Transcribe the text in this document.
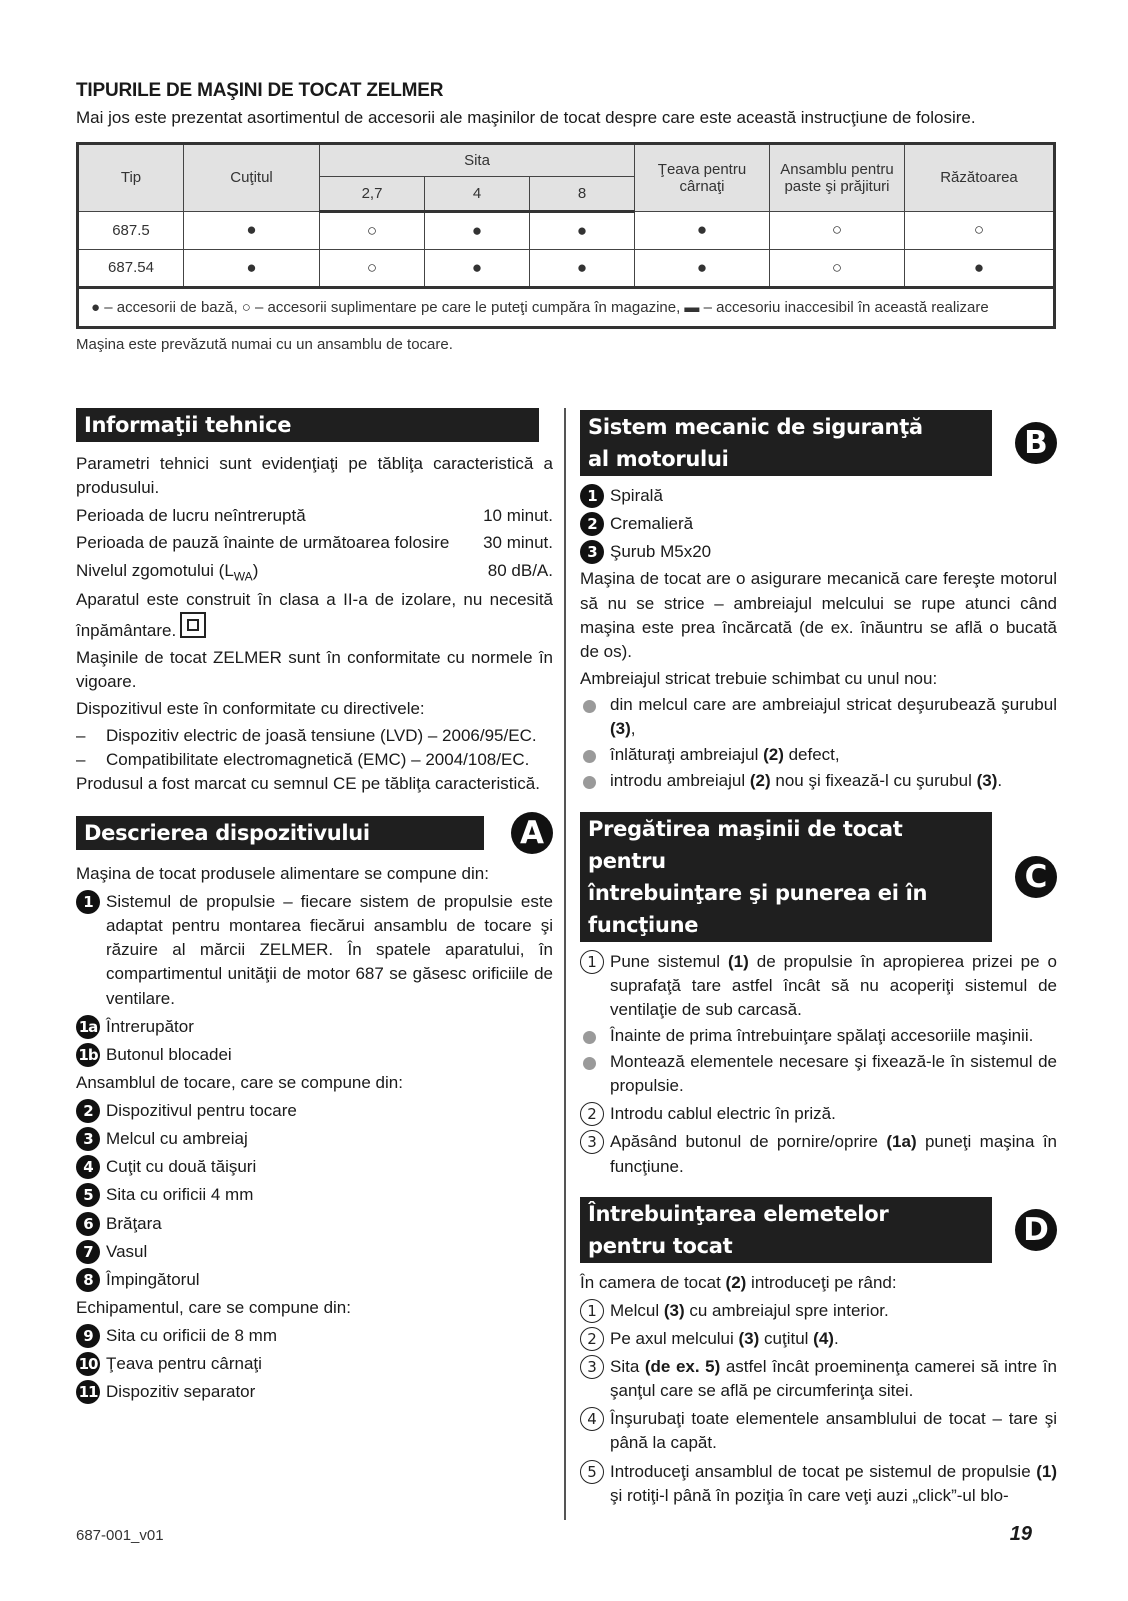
TIPURILE DE MAŞINI DE TOCAT ZELMER
Mai jos este prezentat asortimentul de accesorii ale maşinilor de tocat despre care este această instrucţiune de folosire.
Tip	Cuţitul	Sita			Ţeava pentru cârnaţi	Ansamblu pentru paste şi prăjituri	Răzătoarea
		2,7	4	8			
687.5	●	○	●	●	●	○	○
687.54	●	○	●	●	●	○	●
● – accesorii de bază, ○ – accesorii suplimentare pe care le puteţi cumpăra în magazine, ▬ – accesoriu inaccesibil în această realizare							
Maşina este prevăzută numai cu un ansamblu de tocare.
Informaţii tehnice

Parametri tehnici sunt evidenţiaţi pe tăbliţa caracteristică a produsului.

Perioada de lucru neîntreruptă	10 minut.
Perioada de pauză înainte de următoarea folosire 30 minut.
Nivelul zgomotului $(L_{WA})$	80 dB/A.

Aparatul este construit în clasa a II-a de izolare, nu necesită înpământare.

Maşinile de tocat ZELMER sunt în conformitate cu normele în vigoare.

Dispozitivul este în conformitate cu directivele:

– Dispozitiv electric de joasă tensiune (LVD) – 2006/95/EC.

– Compatibilitate electromagnetică (EMC) – 2004/108/EC.

Produsul a fost marcat cu semnul CE pe tăbliţa caracteristică.

Descrierea dispozitivului	A

Maşina de tocat produsele alimentare se compune din:

1 Sistemul de propulsie – fiecare sistem de propulsie este adaptat pentru montarea fiecărui ansamblu de tocare şi răzuire al mărcii ZELMER. În spatele aparatului, în compartimentul unităţii de motor 687 se găsesc orificiile de ventilare.
1a Întrerupător
1b Butonul blocadei

Ansamblul de tocare, care se compune din:

2 Dispozitivul pentru tocare
3 Melcul cu ambreiaj
4 Cuţit cu două tăişuri
5 Sita cu orificii 4 mm
6 Brăţara
7 Vasul
8 Împingătorul

Echipamentul, care se compune din:

9 Sita cu orificii de 8 mm
10 Ţeava pentru cârnaţi
11 Dispozitiv separator
Sistem mecanic de siguranţă
al motorului	B
1 Spirală
2 Cremalieră
3 Şurub M5x20

Maşina de tocat are o asigurare mecanică care fereşte motorul să nu se strice – ambreiajul melcului se rupe atunci când maşina este prea încărcată (de ex. înăuntru se află o bucată de os).

Ambreiajul stricat trebuie schimbat cu unul nou:

din melcul care are ambreiajul stricat deşurubează şurubul (3),
înlăturaţi ambreiajul (2) defect,
introdu ambreiajul (2) nou şi fixează-l cu şurubul (3).
Pregătirea maşinii de tocat pentru
întrebuinţare şi punerea ei în funcţiune
C
1 Pune sistemul (1) de propulsie în apropierea prizei pe o suprafaţă tare astfel încât să nu acoperiţi sistemul de ventilaţie de sub carcasă.
Înainte de prima întrebuinţare spălaţi accesoriile maşinii.
Montează elementele necesare şi fixează-le în sistemul de propulsie.
2 Introdu cablul electric în priză.
3 Apăsând butonul de pornire/oprire (1a) puneţi maşina în funcţiune.
Întrebuinţarea elemetelor
pentru tocat	D

În camera de tocat (2) introduceţi pe rând:

1 Melcul (3) cu ambreiajul spre interior.
2 Pe axul melcului (3) cuţitul (4).
3 Sita (de ex. 5) astfel încât proeminenţa camerei să intre în şanţul care se află pe circumferinţa sitei.
4 Înşurubaţi toate elementele ansamblului de tocat – tare şi până la capăt.
5 Introduceţi ansamblul de tocat pe sistemul de propulsie (1) şi rotiţi-l până în poziţia în care veţi auzi „click”-ul blo-
687-001_v01	19
